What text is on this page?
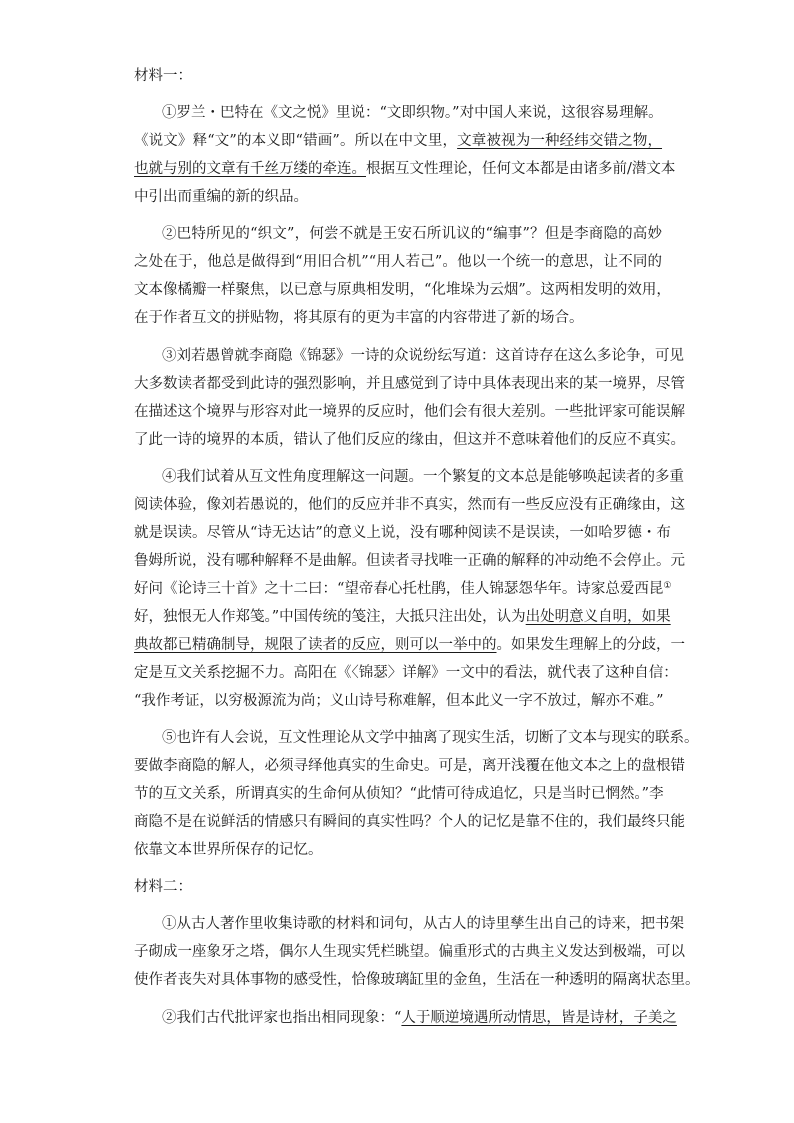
材料一：
①罗兰・巴特在《文之悦》里说：“文即织物。”对中国人来说，这很容易理解。
《说文》释“文”的本义即“错画”。所以在中文里，文章被视为一种经纬交错之物，
也就与别的文章有千丝万缕的牵连。根据互文性理论，任何文本都是由诸多前/潜文本
中引出而重编的新的织品。
②巴特所见的“织文”，何尝不就是王安石所讥议的“编事”？但是李商隐的高妙
之处在于，他总是做得到“用旧合机”“用人若己”。他以一个统一的意思，让不同的
文本像橘瓣一样聚焦，以已意与原典相发明，“化堆垛为云烟”。这两相发明的效用，
在于作者互文的拼贴物，将其原有的更为丰富的内容带进了新的场合。
③刘若愚曾就李商隐《锦瑟》一诗的众说纷纭写道：这首诗存在这么多论争，可见
大多数读者都受到此诗的强烈影响，并且感觉到了诗中具体表现出来的某一境界，尽管
在描述这个境界与形容对此一境界的反应时，他们会有很大差别。一些批评家可能误解
了此一诗的境界的本质，错认了他们反应的缘由，但这并不意味着他们的反应不真实。
④我们试着从互文性角度理解这一问题。一个繁复的文本总是能够唤起读者的多重
阅读体验，像刘若愚说的，他们的反应并非不真实，然而有一些反应没有正确缘由，这
就是误读。尽管从“诗无达诂”的意义上说，没有哪种阅读不是误读，一如哈罗德・布
鲁姆所说，没有哪种解释不是曲解。但读者寻找唯一正确的解释的冲动绝不会停止。元
好问《论诗三十首》之十二曰：“望帝春心托杜鹃，佳人锦瑟怨华年。诗家总爱西昆①
好，独恨无人作郑笺。”中国传统的笺注，大抵只注出处，认为出处明意义自明，如果
典故都已精确制导，规限了读者的反应，则可以一举中的。如果发生理解上的分歧，一
定是互文关系挖掘不力。高阳在《〈锦瑟〉详解》一文中的看法，就代表了这种自信：
“我作考证，以穷极源流为尚；义山诗号称难解，但本此义一字不放过，解亦不难。”
⑤也许有人会说，互文性理论从文学中抽离了现实生活，切断了文本与现实的联系。
要做李商隐的解人，必须寻绎他真实的生命史。可是，离开浅覆在他文本之上的盘根错
节的互文关系，所谓真实的生命何从侦知？“此情可待成追忆，只是当时已惘然。”李
商隐不是在说鲜活的情感只有瞬间的真实性吗？个人的记忆是靠不住的，我们最终只能
依靠文本世界所保存的记忆。
材料二：
①从古人著作里收集诗歌的材料和词句，从古人的诗里孳生出自己的诗来，把书架
子砌成一座象牙之塔，偶尔人生现实凭栏眺望。偏重形式的古典主义发达到极端，可以
使作者丧失对具体事物的感受性，恰像玻璃缸里的金鱼，生活在一种透明的隔离状态里。
②我们古代批评家也指出相同现象：“人于顺逆境遇所动情思，皆是诗材，子美之
